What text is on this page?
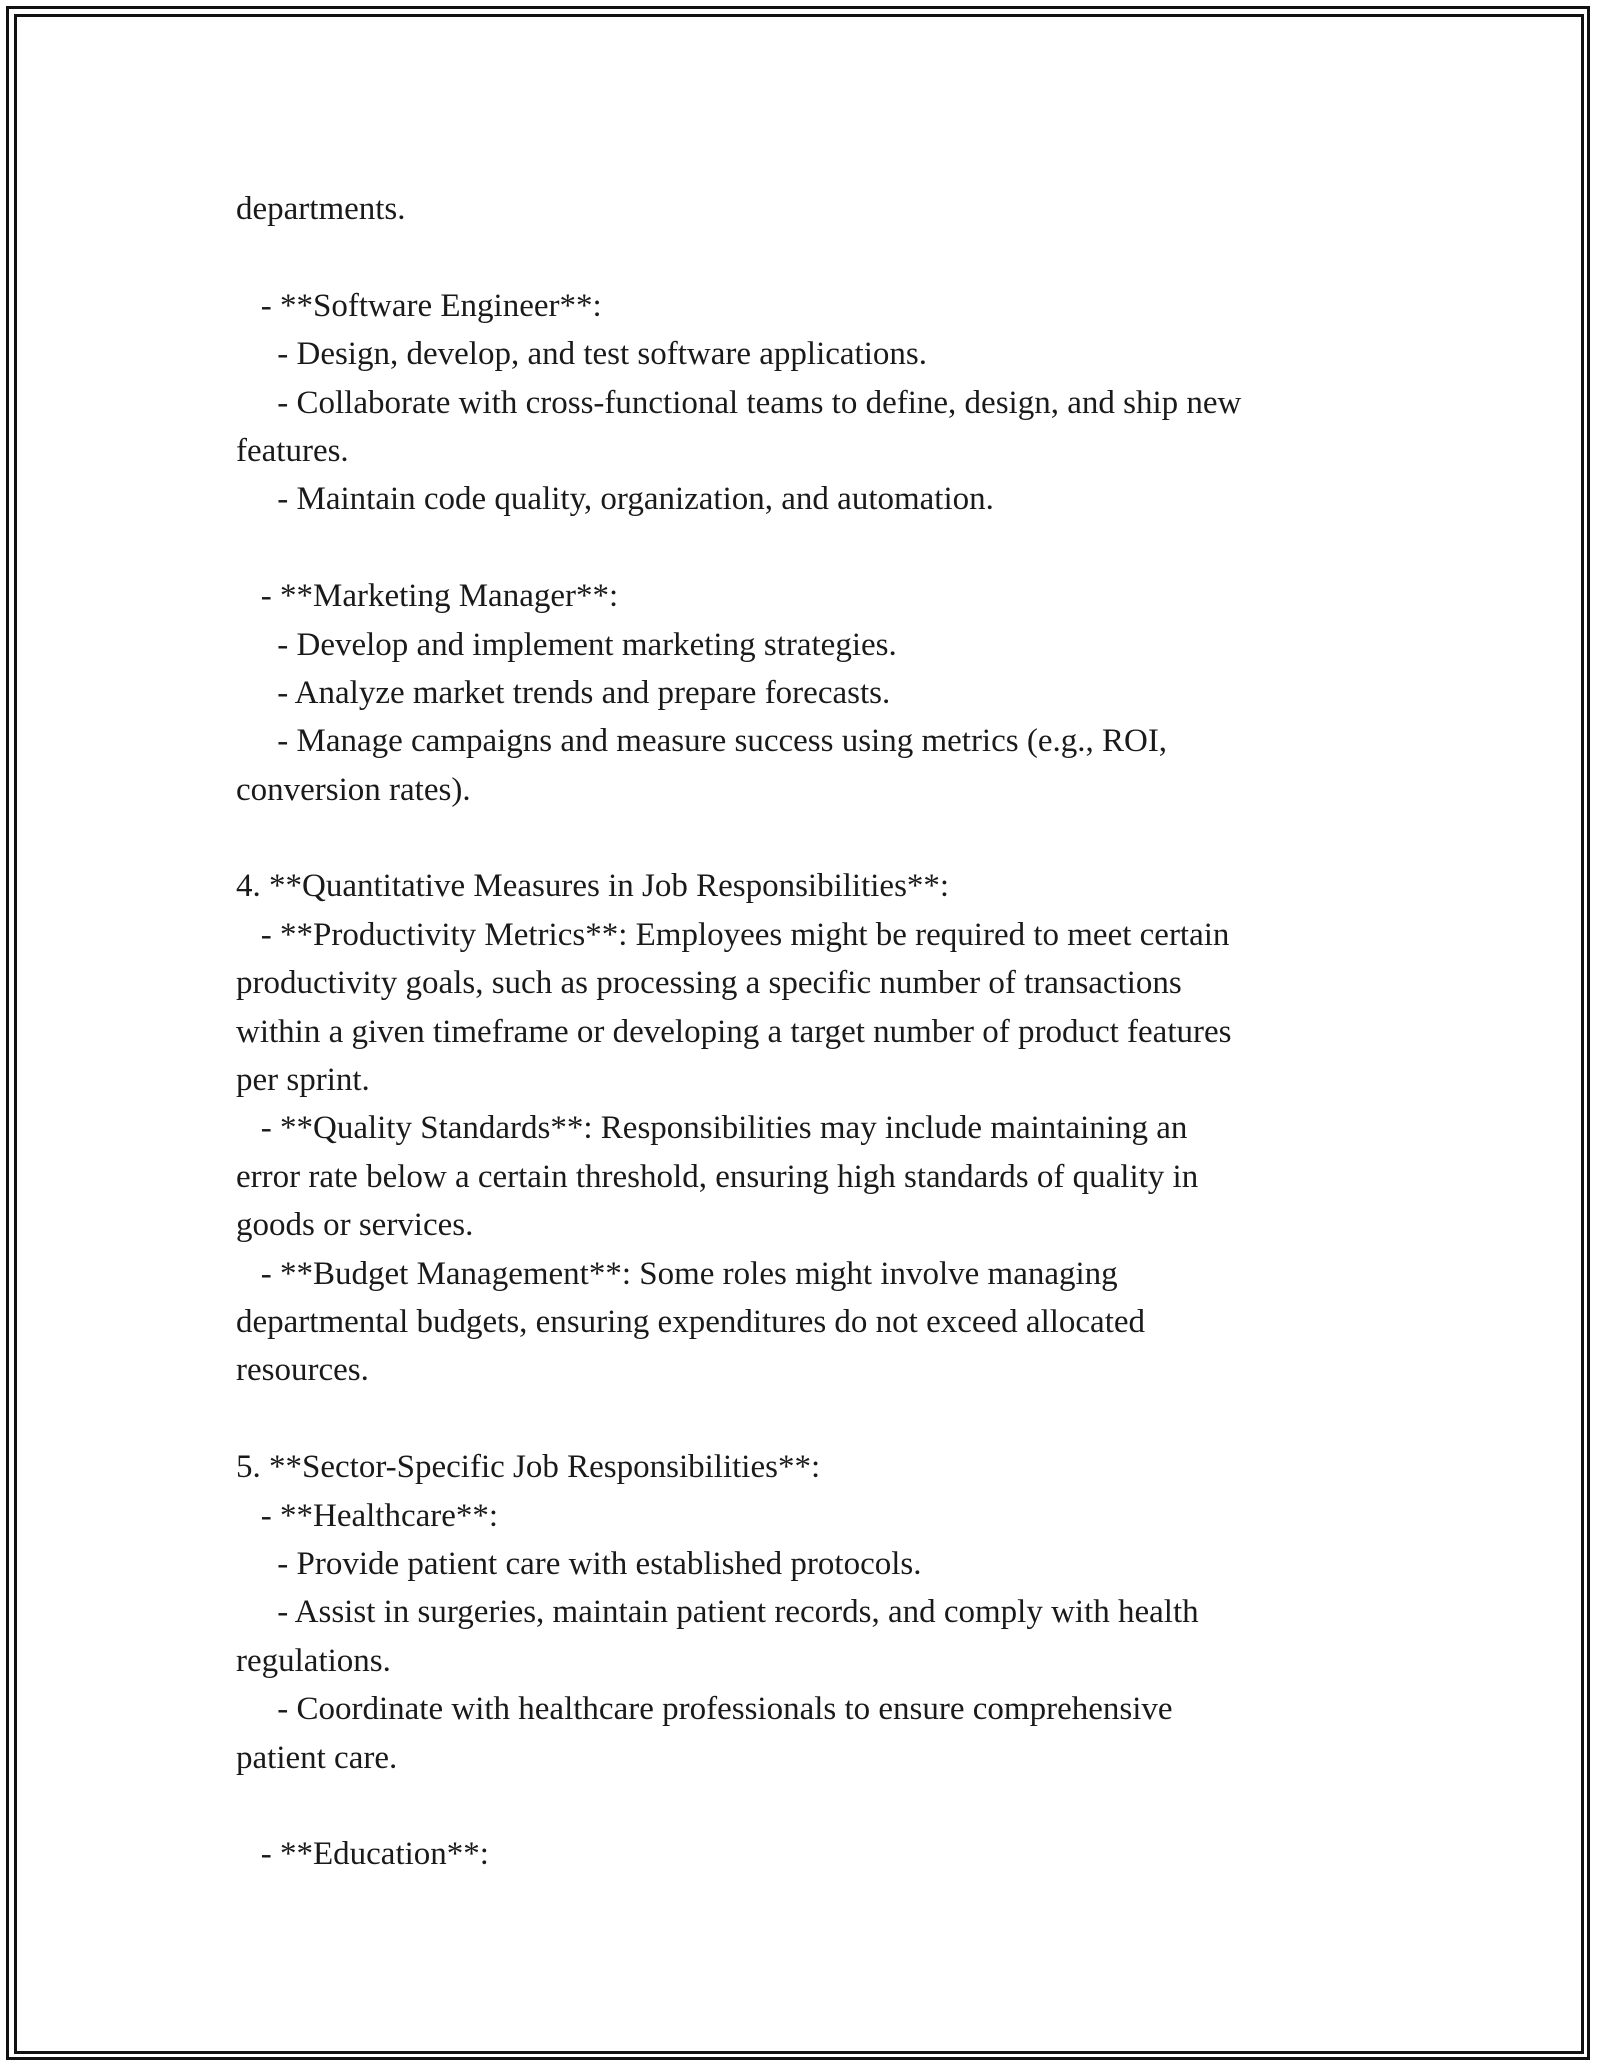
departments.
- **Software Engineer**:
- Design, develop, and test software applications.
- Collaborate with cross-functional teams to define, design, and ship new
features.
- Maintain code quality, organization, and automation.
- **Marketing Manager**:
- Develop and implement marketing strategies.
- Analyze market trends and prepare forecasts.
- Manage campaigns and measure success using metrics (e.g., ROI,
conversion rates).
4. **Quantitative Measures in Job Responsibilities**:
- **Productivity Metrics**: Employees might be required to meet certain
productivity goals, such as processing a specific number of transactions
within a given timeframe or developing a target number of product features
per sprint.
- **Quality Standards**: Responsibilities may include maintaining an
error rate below a certain threshold, ensuring high standards of quality in
goods or services.
- **Budget Management**: Some roles might involve managing
departmental budgets, ensuring expenditures do not exceed allocated
resources.
5. **Sector-Specific Job Responsibilities**:
- **Healthcare**:
- Provide patient care with established protocols.
- Assist in surgeries, maintain patient records, and comply with health
regulations.
- Coordinate with healthcare professionals to ensure comprehensive
patient care.
- **Education**:
